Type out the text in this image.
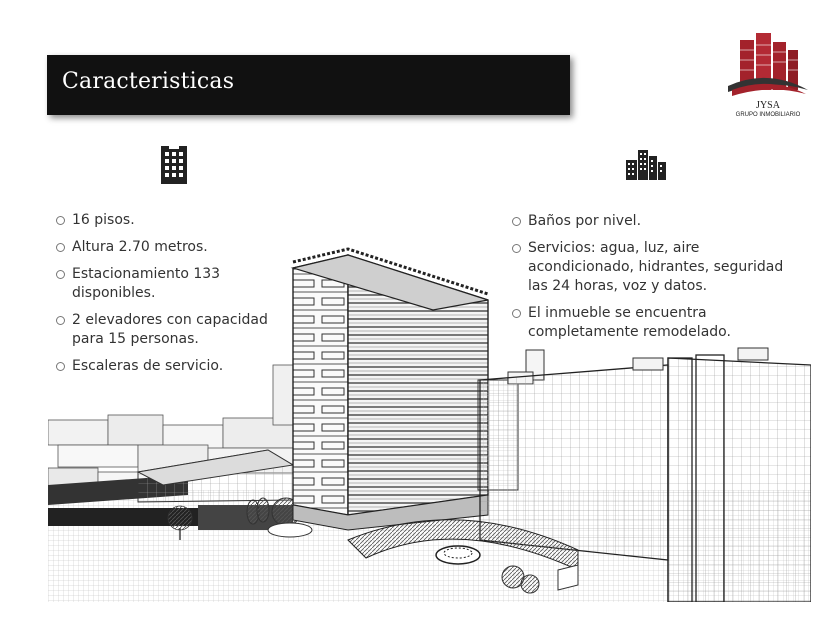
Caracteristicas
JYSA
GRUPO INMOBILIARIO
16 pisos.
Altura 2.70 metros.
Estacionamiento 133 disponibles.
2 elevadores con capacidad para 15 personas.
Escaleras de servicio.
Baños por nivel.
Servicios: agua, luz, aire acondicionado, hidrantes, seguridad las 24 horas, voz y datos.
El inmueble se encuentra completamente remodelado.
